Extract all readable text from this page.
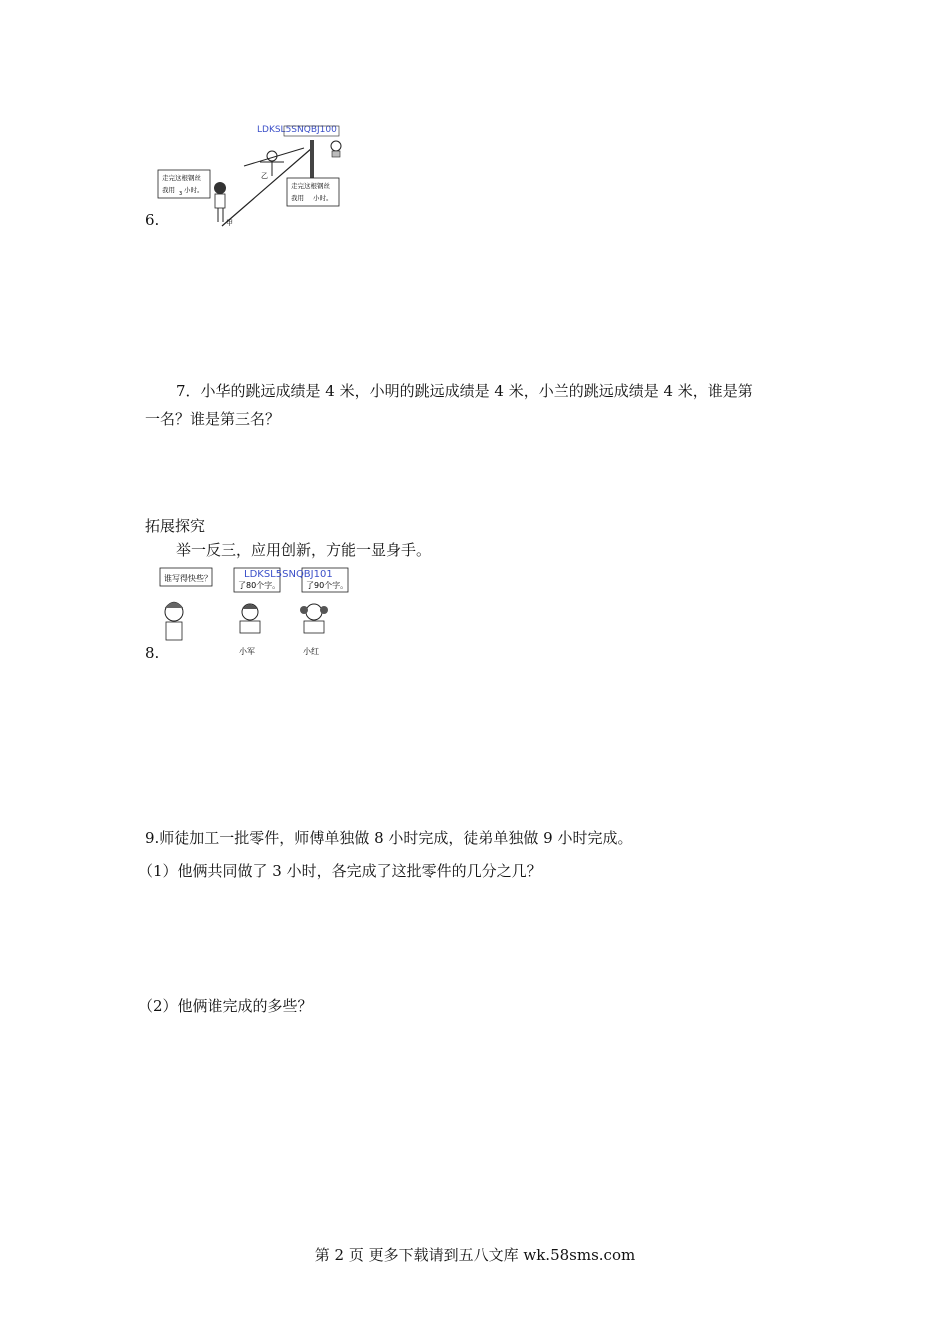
LDKSL5SNQBJ100
乙
甲
走完这根钢丝
我用 3 小时。	走完这根钢丝
我用 小时。
6.
7．小华的跳远成绩是 4 米，小明的跳远成绩是 4 米，小兰的跳远成绩是 4 米，谁是第
一名？谁是第三名？
拓展探究
举一反三，应用创新，方能一显身手。
谁写得快些？
了80个字。	了90个字。
LDKSL5SNQBJ101
小军	小红
8.
9.师徒加工一批零件，师傅单独做 8 小时完成，徒弟单独做 9 小时完成。
（1）他俩共同做了 3 小时，各完成了这批零件的几分之几？
（2）他俩谁完成的多些？
第 2 页 更多下载请到五八文库 wk.58sms.com
